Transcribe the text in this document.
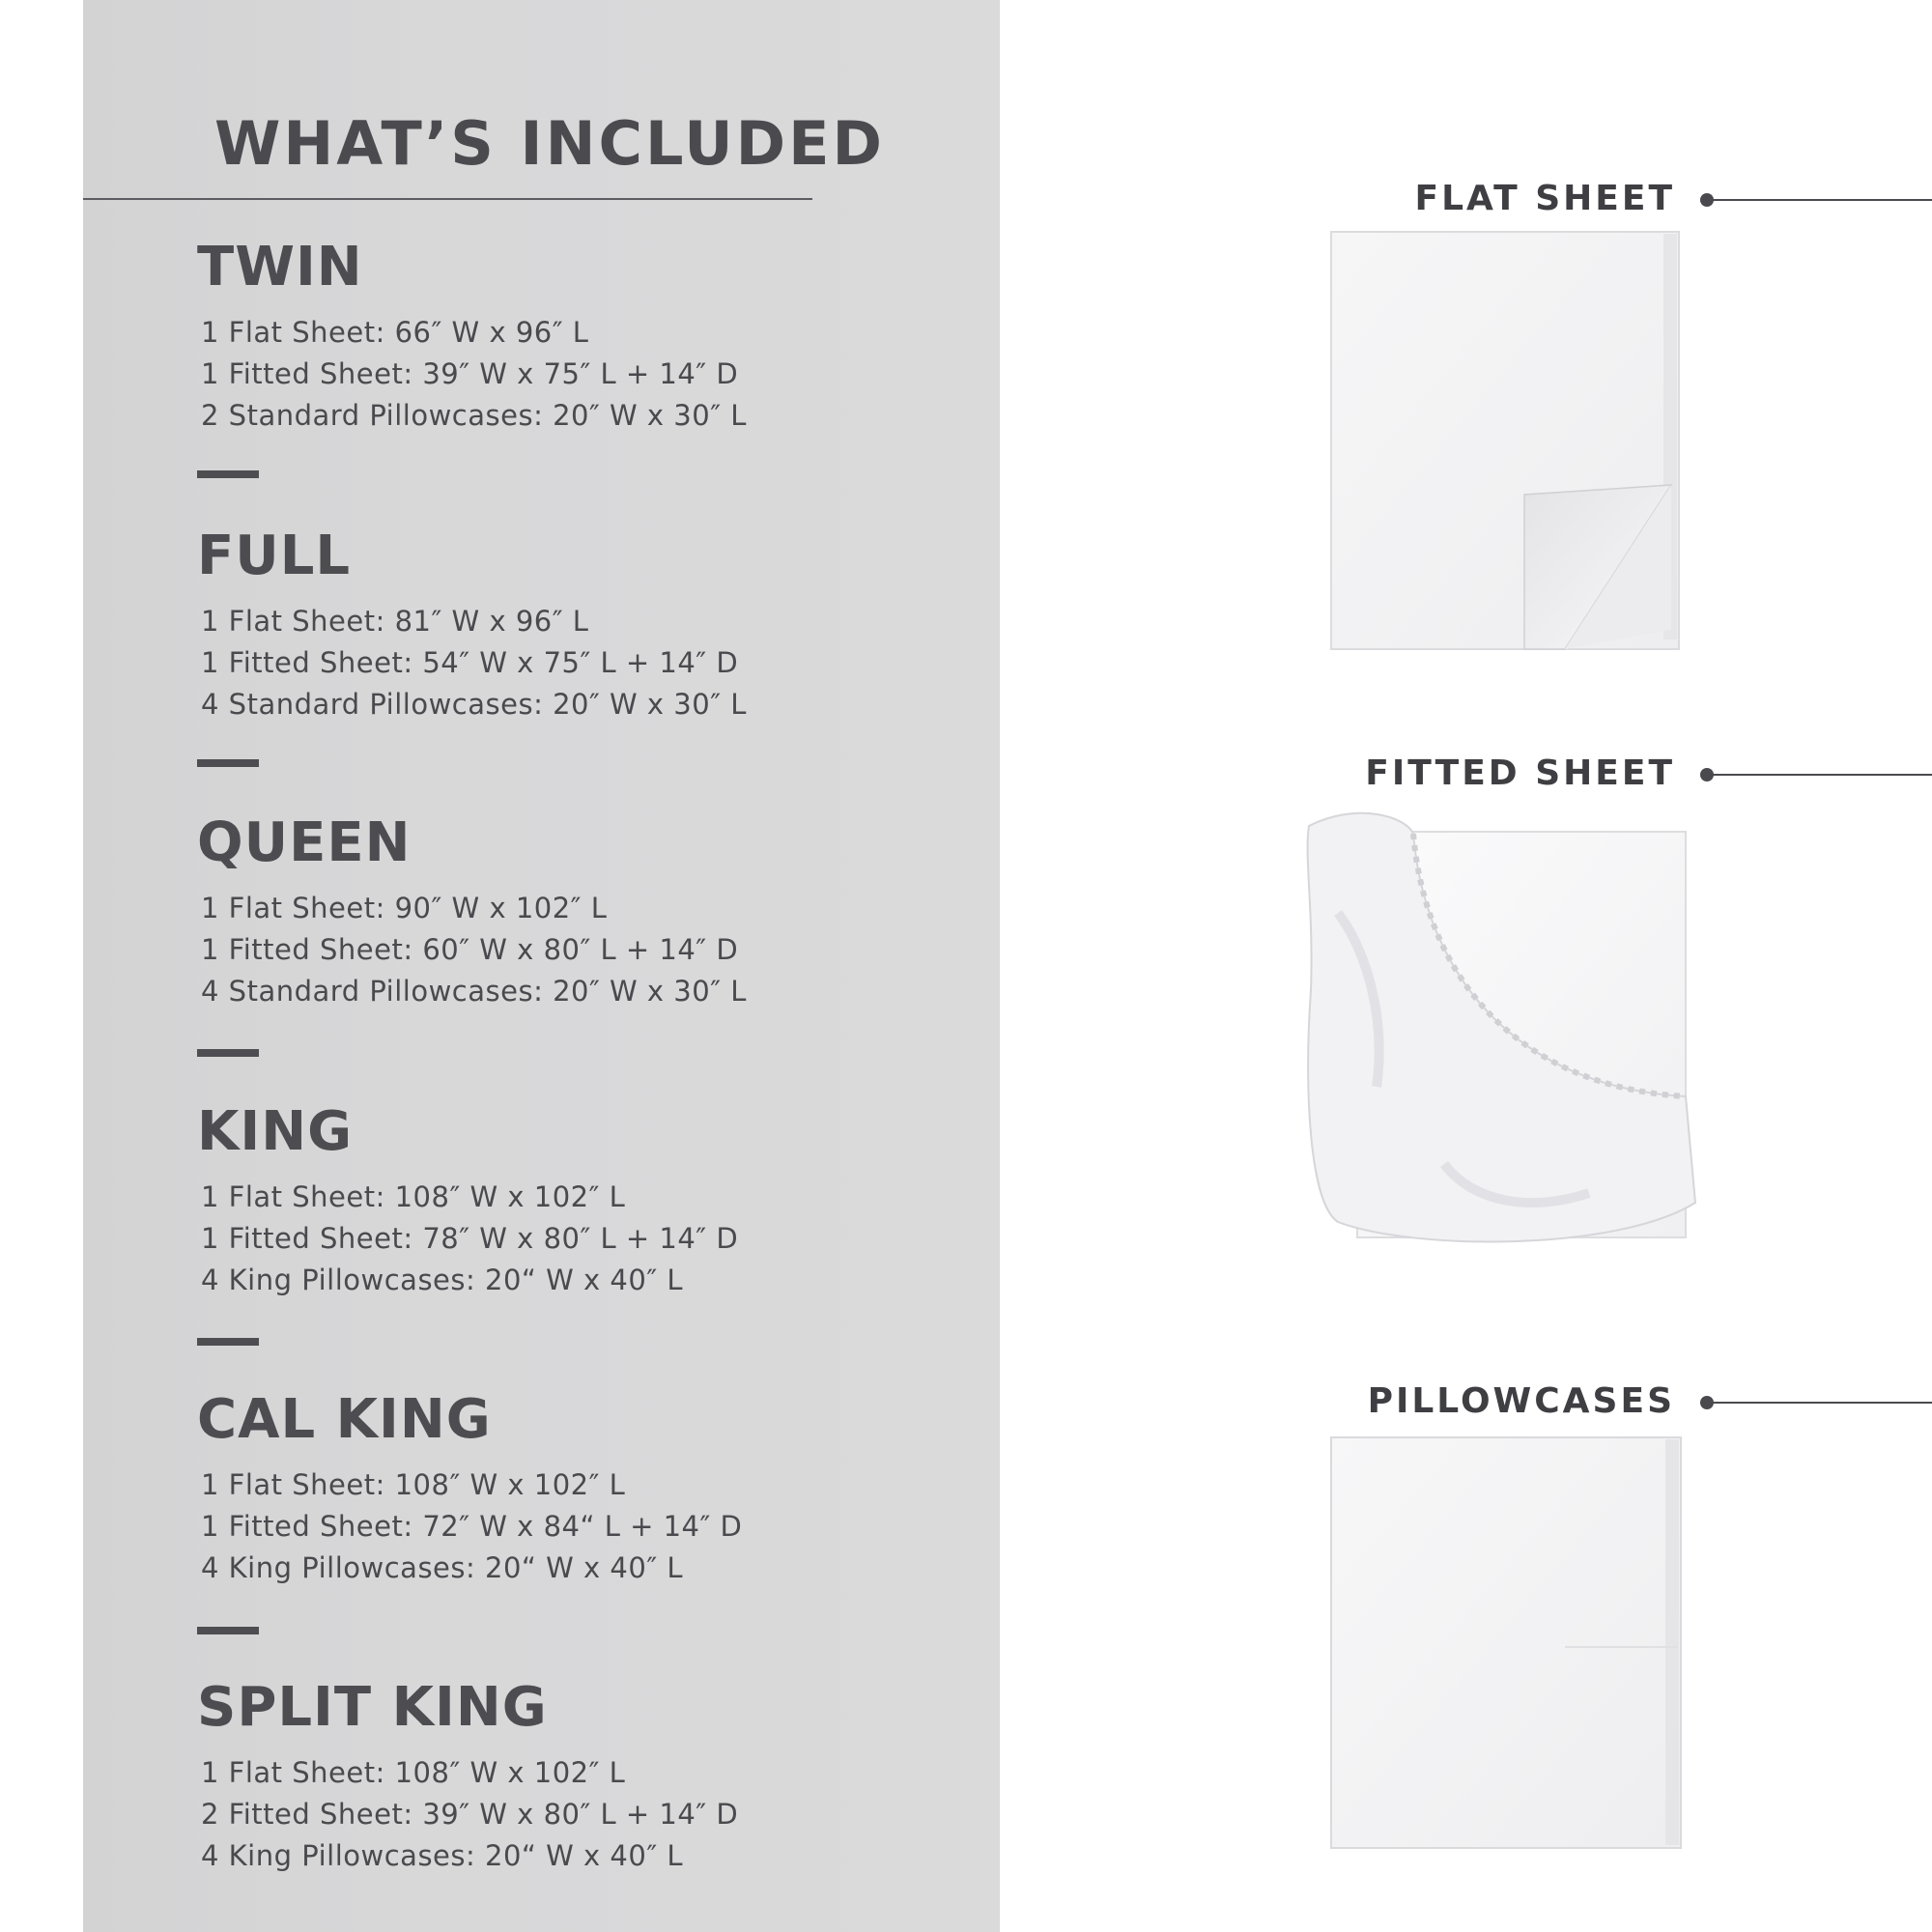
WHAT’S INCLUDED
TWIN
1 Flat Sheet: 66″ W x 96″ L
1 Fitted Sheet: 39″ W x 75″ L + 14″ D
2 Standard Pillowcases: 20″ W x 30″ L
FULL
1 Flat Sheet: 81″ W x 96″ L
1 Fitted Sheet: 54″ W x 75″ L + 14″ D
4 Standard Pillowcases: 20″ W x 30″ L
QUEEN
1 Flat Sheet: 90″ W x 102″ L
1 Fitted Sheet: 60″ W x 80″ L + 14″ D
4 Standard Pillowcases: 20″ W x 30″ L
KING
1 Flat Sheet: 108″ W x 102″ L
1 Fitted Sheet: 78″ W x 80″ L + 14″ D
4 King Pillowcases: 20“ W x 40″ L
CAL KING
1 Flat Sheet: 108″ W x 102″ L
1 Fitted Sheet: 72″ W x 84“ L + 14″ D
4 King Pillowcases: 20“ W x 40″ L
SPLIT KING
1 Flat Sheet: 108″ W x 102″ L
2 Fitted Sheet: 39″ W x 80″ L + 14″ D
4 King Pillowcases: 20“ W x 40″ L
FLAT SHEET
FITTED SHEET
PILLOWCASES
